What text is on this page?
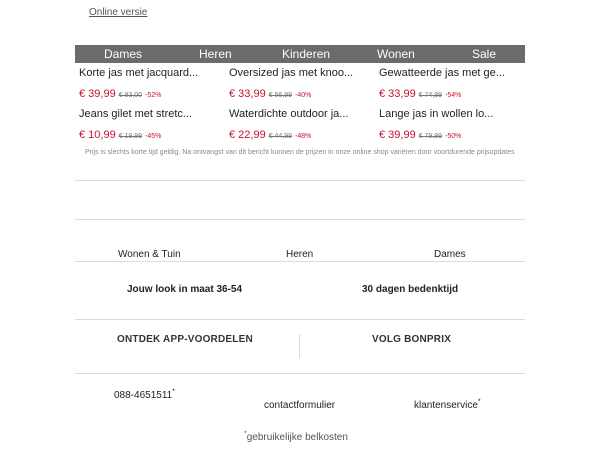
Online versie
Dames	Heren	Kinderen	Wonen	Sale
Korte jas met jacquard...
€ 39,99 € 83,00 -52%
Oversized jas met knoo...
€ 33,99 € 56,99 -40%
Gewatteerde jas met ge...
€ 33,99 € 74,99 -54%
Jeans gilet met stretc...
€ 10,99 € 19,99 -45%
Waterdichte outdoor ja...
€ 22,99 € 44,99 -48%
Lange jas in wollen lo...
€ 39,99 € 79,99 -50%
Prijs is slechts korte tijd geldig. Na ontvangst van dit bericht kunnen de prijzen in onze online shop variëren door voortdurende prijsupdates
Wonen & Tuin	Heren	Dames
Jouw look in maat 36-54	30 dagen bedenktijd
ONTDEK APP-VOORDELEN	VOLG BONPRIX
088-4651511*
contactformulier	klantenservice*
*gebruikelijke belkosten
